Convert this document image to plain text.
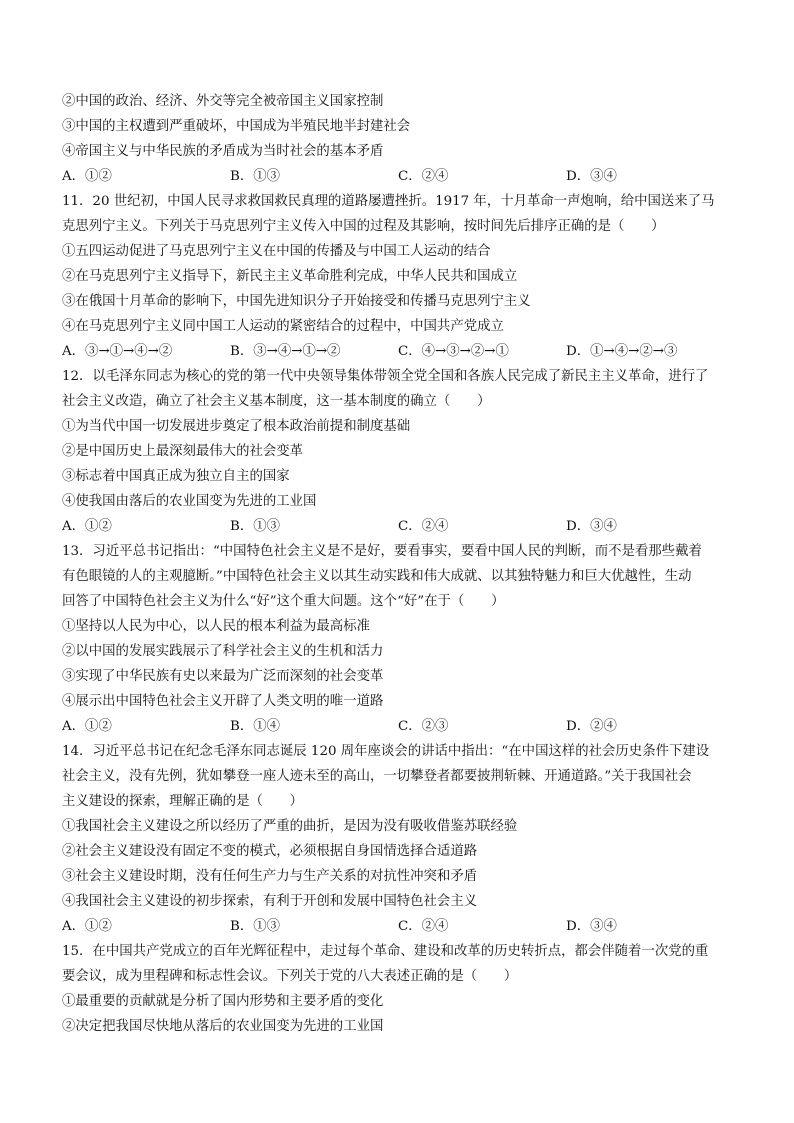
②中国的政治、经济、外交等完全被帝国主义国家控制
③中国的主权遭到严重破坏，中国成为半殖民地半封建社会
④帝国主义与中华民族的矛盾成为当时社会的基本矛盾
A．①②	B．①③	C．②④	D．③④
11．20 世纪初，中国人民寻求救国救民真理的道路屡遭挫折。1917 年，十月革命一声炮响，给中国送来了马
克思列宁主义。下列关于马克思列宁主义传入中国的过程及其影响，按时间先后排序正确的是（　　）
①五四运动促进了马克思列宁主义在中国的传播及与中国工人运动的结合
②在马克思列宁主义指导下，新民主主义革命胜利完成，中华人民共和国成立
③在俄国十月革命的影响下，中国先进知识分子开始接受和传播马克思列宁主义
④在马克思列宁主义同中国工人运动的紧密结合的过程中，中国共产党成立
A．③→①→④→②	B．③→④→①→②	C．④→③→②→①	D．①→④→②→③
12．以毛泽东同志为核心的党的第一代中央领导集体带领全党全国和各族人民完成了新民主主义革命，进行了
社会主义改造，确立了社会主义基本制度，这一基本制度的确立（　　）
①为当代中国一切发展进步奠定了根本政治前提和制度基础
②是中国历史上最深刻最伟大的社会变革
③标志着中国真正成为独立自主的国家
④使我国由落后的农业国变为先进的工业国
A．①②	B．①③	C．②④	D．③④
13．习近平总书记指出：“中国特色社会主义是不是好，要看事实，要看中国人民的判断，而不是看那些戴着
有色眼镜的人的主观臆断。”中国特色社会主义以其生动实践和伟大成就、以其独特魅力和巨大优越性，生动
回答了中国特色社会主义为什么“好”这个重大问题。这个“好”在于（　　）
①坚持以人民为中心，以人民的根本利益为最高标准
②以中国的发展实践展示了科学社会主义的生机和活力
③实现了中华民族有史以来最为广泛而深刻的社会变革
④展示出中国特色社会主义开辟了人类文明的唯一道路
A．①②	B．①④	C．②③	D．②④
14．习近平总书记在纪念毛泽东同志诞辰 120 周年座谈会的讲话中指出：“在中国这样的社会历史条件下建设
社会主义，没有先例，犹如攀登一座人迹未至的高山，一切攀登者都要披荆斩棘、开通道路。”关于我国社会
主义建设的探索，理解正确的是（　　）
①我国社会主义建设之所以经历了严重的曲折，是因为没有吸收借鉴苏联经验
②社会主义建设没有固定不变的模式，必须根据自身国情选择合适道路
③社会主义建设时期，没有任何生产力与生产关系的对抗性冲突和矛盾
④我国社会主义建设的初步探索，有利于开创和发展中国特色社会主义
A．①②	B．①③	C．②④	D．③④
15．在中国共产党成立的百年光辉征程中，走过每个革命、建设和改革的历史转折点，都会伴随着一次党的重
要会议，成为里程碑和标志性会议。下列关于党的八大表述正确的是（　　）
①最重要的贡献就是分析了国内形势和主要矛盾的变化
②决定把我国尽快地从落后的农业国变为先进的工业国
